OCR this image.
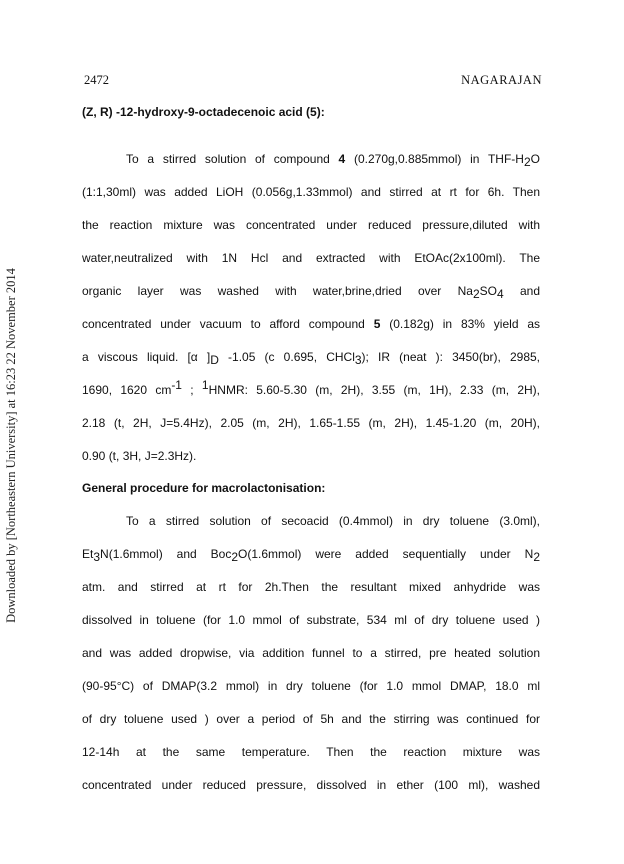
Downloaded by [Northeastern University] at 16:23 22 November 2014
2472	NAGARAJAN
(Z, R) -12-hydroxy-9-octadecenoic acid (5):
To a stirred solution of compound 4 (0.270g,0.885mmol) in THF-$H_2O$
(1:1,30ml) was added LiOH (0.056g,1.33mmol) and stirred at rt for 6h. Then
the reaction mixture was concentrated under reduced pressure,diluted with
water,neutralized with 1N Hcl and extracted with EtOAc(2x100ml). The
organic layer was washed with water,brine,dried over $Na_2SO_4$ and
concentrated under vacuum to afford compound 5 (0.182g) in 83% yield as
a viscous liquid. [α ]$_D$ -1.05 (c 0.695, CHCl$_3$); IR (neat ): 3450(br), 2985,
1690, 1620 $cm^{-1}$ ; $^1$HNMR: 5.60-5.30 (m, 2H), 3.55 (m, 1H), 2.33 (m, 2H),
2.18 (t, 2H, J=5.4Hz), 2.05 (m, 2H), 1.65-1.55 (m, 2H), 1.45-1.20 (m, 20H),
0.90 (t, 3H, J=2.3Hz).
General procedure for macrolactonisation:
To a stirred solution of secoacid (0.4mmol) in dry toluene (3.0ml),
$Et_3N(1.6mmol)$ and Boc$_2$O(1.6mmol) were added sequentially under $N_2$
atm. and stirred at rt for 2h.Then the resultant mixed anhydride was
dissolved in toluene (for 1.0 mmol of substrate, 534 ml of dry toluene used )
and was added dropwise, via addition funnel to a stirred, pre heated solution
(90-95°C) of DMAP(3.2 mmol) in dry toluene (for 1.0 mmol DMAP, 18.0 ml
of dry toluene used ) over a period of 5h and the stirring was continued for
12-14h at the same temperature. Then the reaction mixture was
concentrated under reduced pressure, dissolved in ether (100 ml), washed
